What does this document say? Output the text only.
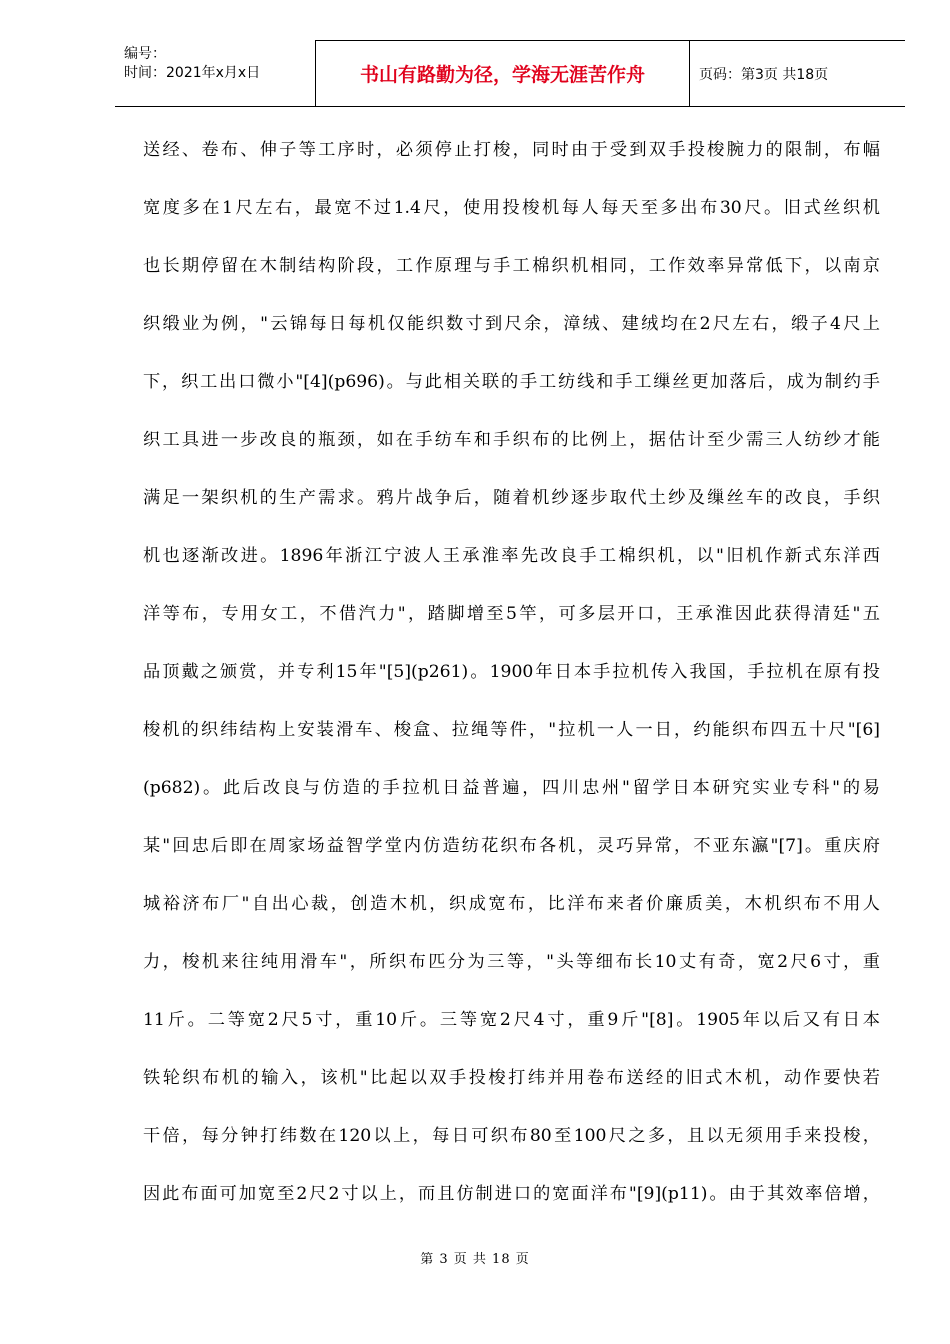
编号：
时间：2021年x月x日	书山有路勤为径，学海无涯苦作舟	页码：第3页 共18页
送经、卷布、伸子等工序时，必须停止打梭，同时由于受到双手投梭腕力的限制，布幅
宽度多在1尺左右，最宽不过1.4尺，使用投梭机每人每天至多出布30尺。旧式丝织机
也长期停留在木制结构阶段，工作原理与手工棉织机相同，工作效率异常低下，以南京
织缎业为例，"云锦每日每机仅能织数寸到尺余，漳绒、建绒均在2尺左右，缎子4尺上
下，织工出口微小"[4](p696)。与此相关联的手工纺线和手工缫丝更加落后，成为制约手
织工具进一步改良的瓶颈，如在手纺车和手织布的比例上，据估计至少需三人纺纱才能
满足一架织机的生产需求。鸦片战争后，随着机纱逐步取代土纱及缫丝车的改良，手织
机也逐渐改进。1896年浙江宁波人王承淮率先改良手工棉织机，以"旧机作新式东洋西
洋等布，专用女工，不借汽力"，踏脚增至5竿，可多层开口，王承淮因此获得清廷"五
品顶戴之颁赏，并专利15年"[5](p261)。1900年日本手拉机传入我国，手拉机在原有投
梭机的织纬结构上安装滑车、梭盒、拉绳等件，"拉机一人一日，约能织布四五十尺"[6]
(p682)。此后改良与仿造的手拉机日益普遍，四川忠州"留学日本研究实业专科"的易
某"回忠后即在周家场益智学堂内仿造纺花织布各机，灵巧异常，不亚东瀛"[7]。重庆府
城裕济布厂"自出心裁，创造木机，织成宽布，比洋布来者价廉质美，木机织布不用人
力，梭机来往纯用滑车"，所织布匹分为三等，"头等细布长10丈有奇，宽2尺6寸，重
11斤。二等宽2尺5寸，重10斤。三等宽2尺4寸，重9斤"[8]。1905年以后又有日本
铁轮织布机的输入，该机"比起以双手投梭打纬并用卷布送经的旧式木机，动作要快若
干倍，每分钟打纬数在120以上，每日可织布80至100尺之多，且以无须用手来投梭，
因此布面可加宽至2尺2寸以上，而且仿制进口的宽面洋布"[9](p11)。由于其效率倍增，
第 3 页 共 18 页
